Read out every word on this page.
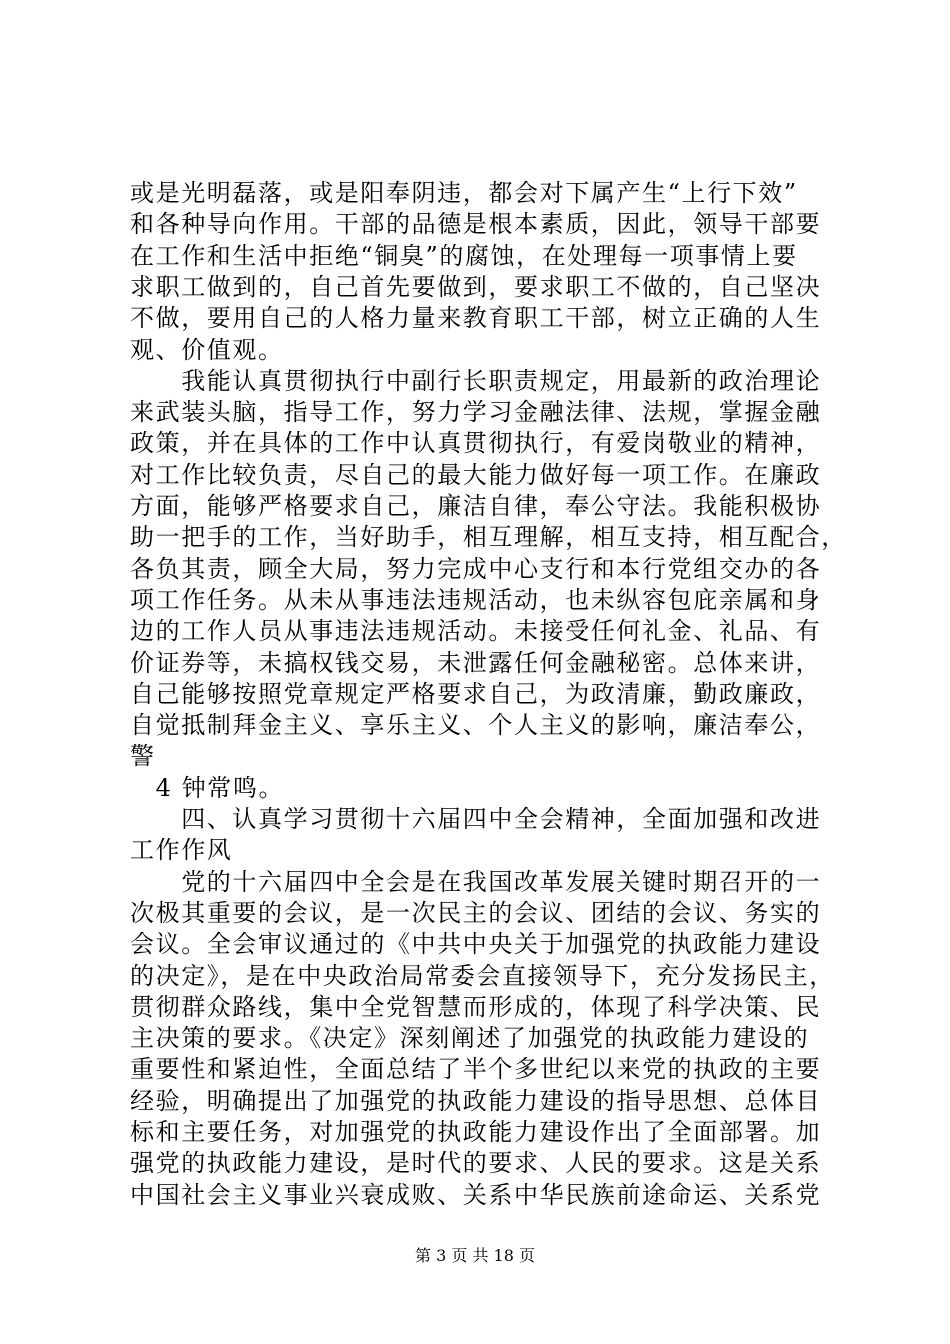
或是光明磊落，或是阳奉阴违，都会对下属产生“上行下效”
和各种导向作用。干部的品德是根本素质，因此，领导干部要
在工作和生活中拒绝“铜臭”的腐蚀，在处理每一项事情上要
求职工做到的，自己首先要做到，要求职工不做的，自己坚决
不做，要用自己的人格力量来教育职工干部，树立正确的人生
观、价值观。
　　我能认真贯彻执行中副行长职责规定，用最新的政治理论
来武装头脑，指导工作，努力学习金融法律、法规，掌握金融
政策，并在具体的工作中认真贯彻执行，有爱岗敬业的精神，
对工作比较负责，尽自己的最大能力做好每一项工作。在廉政
方面，能够严格要求自己，廉洁自律，奉公守法。我能积极协
助一把手的工作，当好助手，相互理解，相互支持，相互配合，
各负其责，顾全大局，努力完成中心支行和本行党组交办的各
项工作任务。从未从事违法违规活动，也未纵容包庇亲属和身
边的工作人员从事违法违规活动。未接受任何礼金、礼品、有
价证券等，未搞权钱交易，未泄露任何金融秘密。总体来讲，
自己能够按照党章规定严格要求自己，为政清廉，勤政廉政，
自觉抵制拜金主义、享乐主义、个人主义的影响，廉洁奉公，
警
　4 钟常鸣。
　　四、认真学习贯彻十六届四中全会精神，全面加强和改进
工作作风
　　党的十六届四中全会是在我国改革发展关键时期召开的一
次极其重要的会议，是一次民主的会议、团结的会议、务实的
会议。全会审议通过的《中共中央关于加强党的执政能力建设
的决定》，是在中央政治局常委会直接领导下，充分发扬民主，
贯彻群众路线，集中全党智慧而形成的，体现了科学决策、民
主决策的要求。《决定》深刻阐述了加强党的执政能力建设的
重要性和紧迫性，全面总结了半个多世纪以来党的执政的主要
经验，明确提出了加强党的执政能力建设的指导思想、总体目
标和主要任务，对加强党的执政能力建设作出了全面部署。加
强党的执政能力建设，是时代的要求、人民的要求。这是关系
中国社会主义事业兴衰成败、关系中华民族前途命运、关系党
第 3 页 共 18 页
